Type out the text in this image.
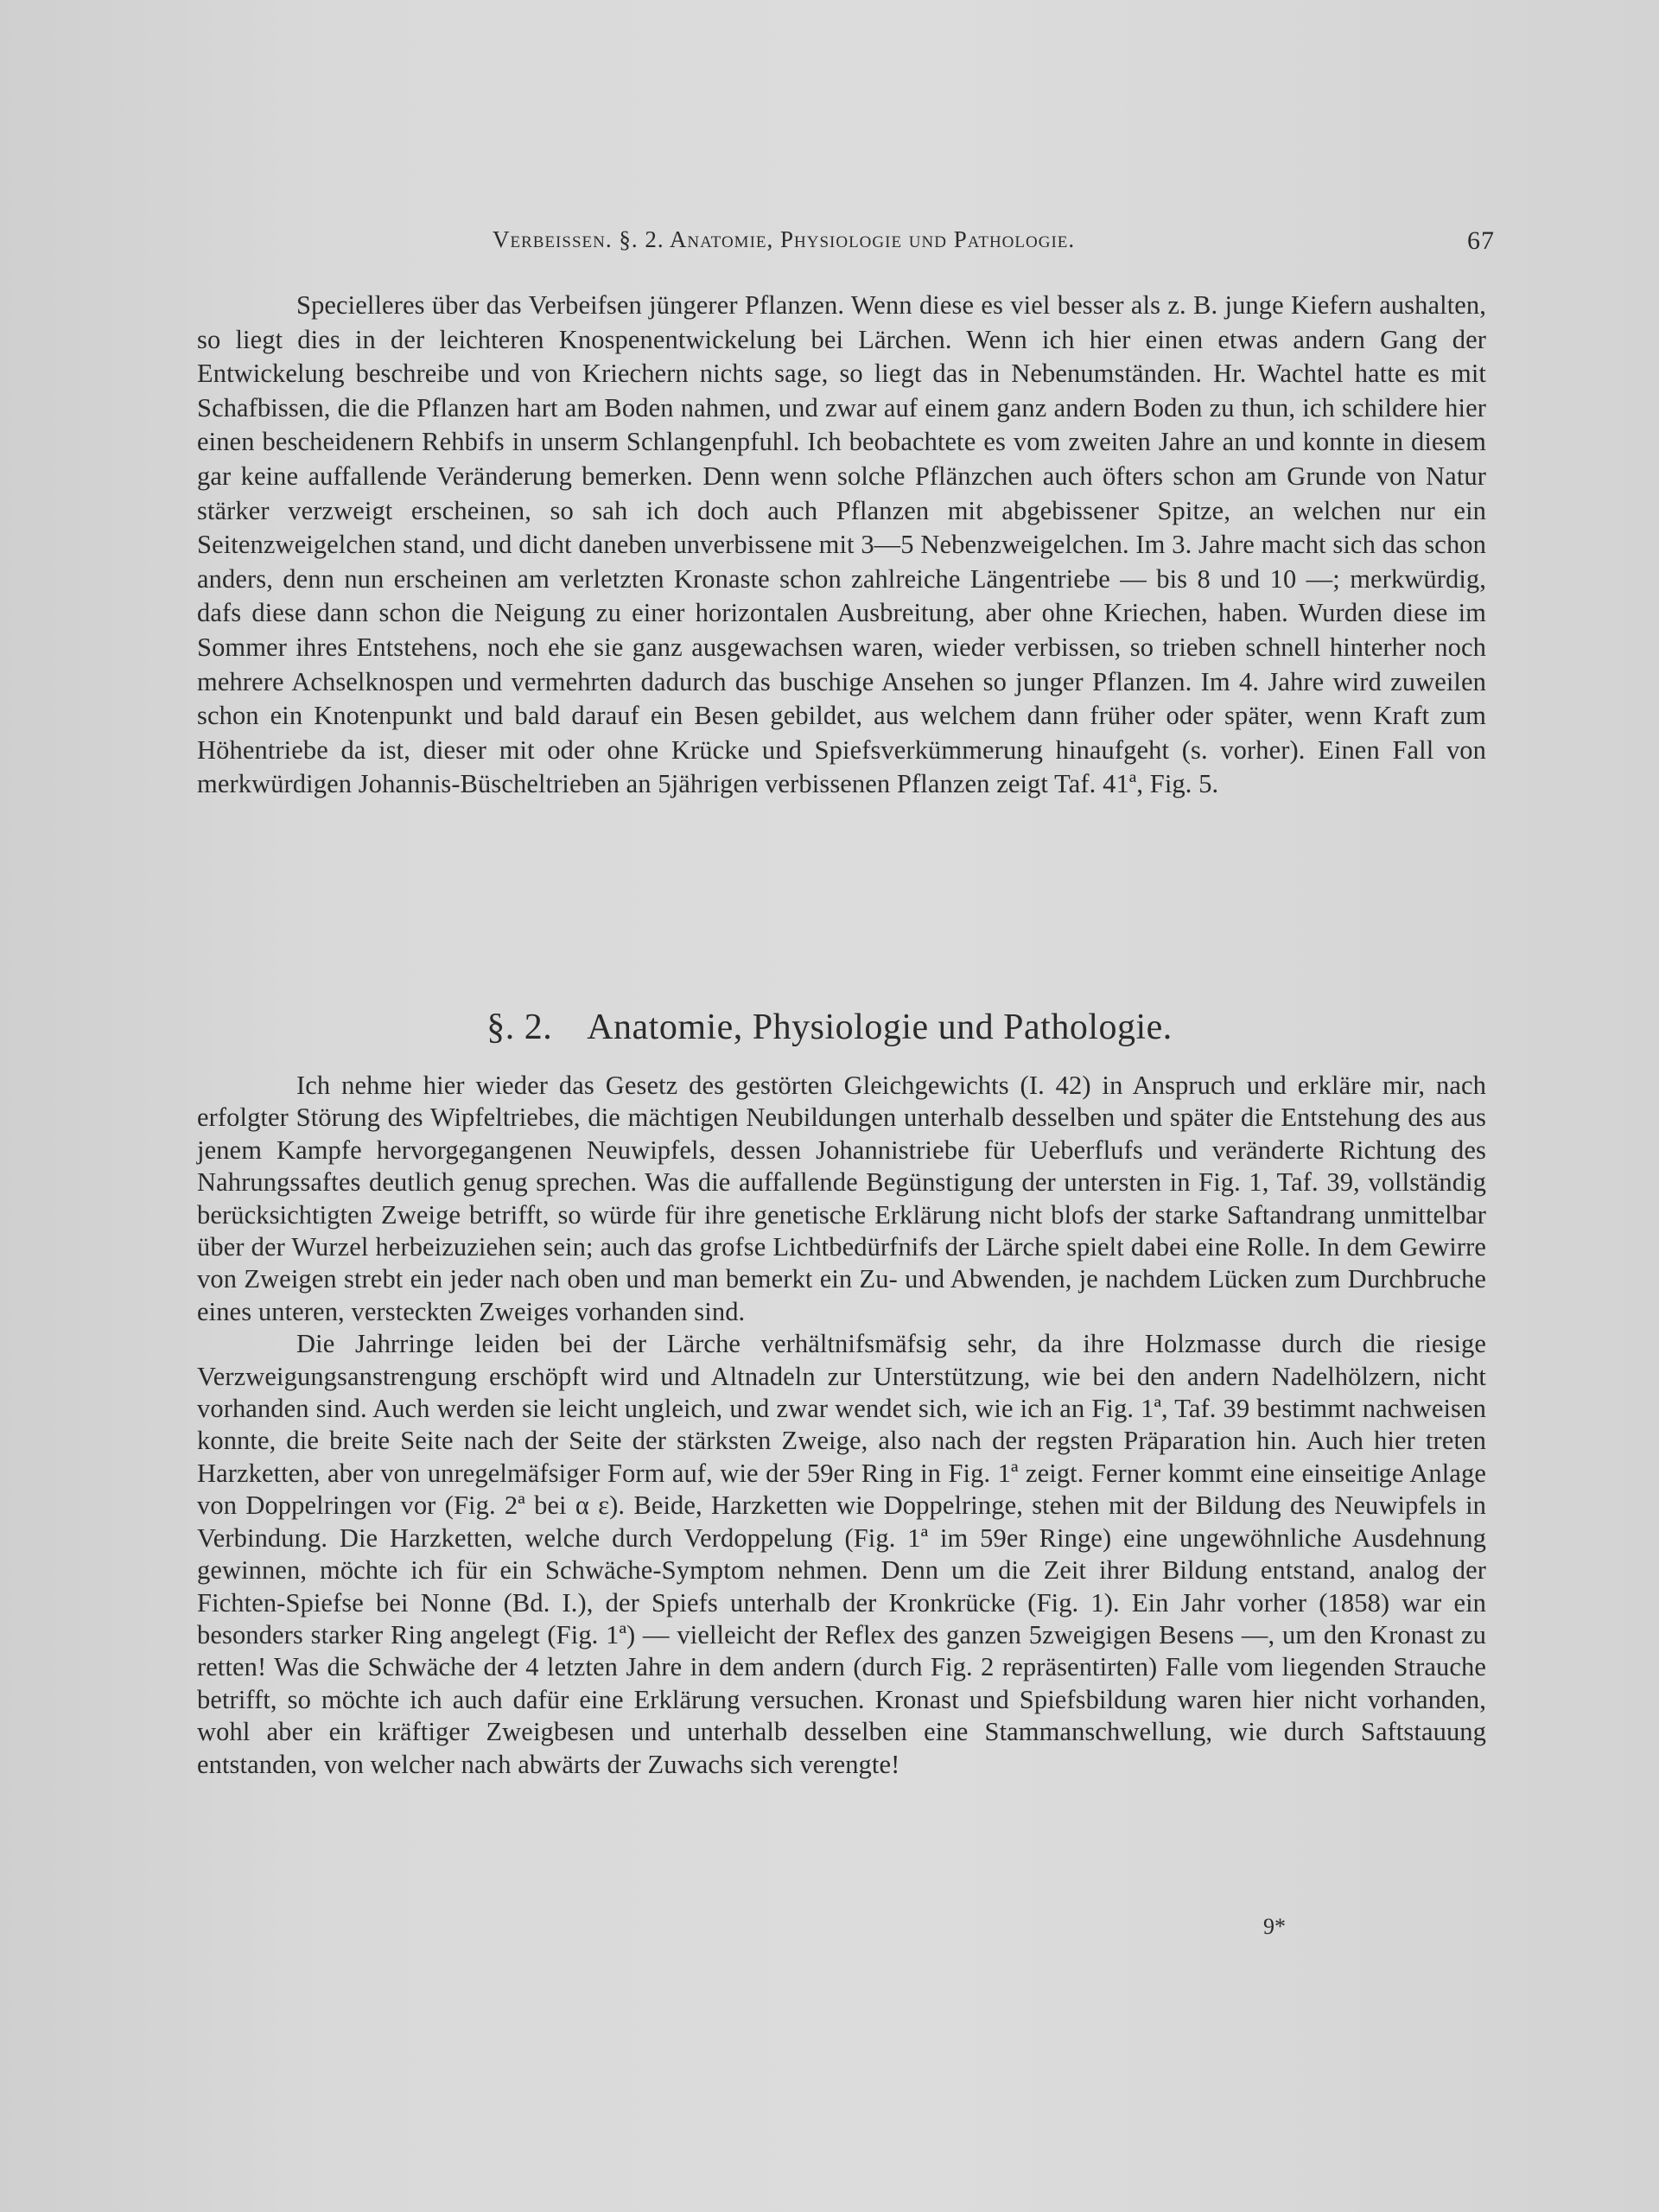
Verbeissen. §. 2. Anatomie, Physiologie und Pathologie.	67

Specielleres über das Verbeifsen jüngerer Pflanzen. Wenn diese es viel besser als z. B. junge Kiefern aushalten, so liegt dies in der leichteren Knospenentwickelung bei Lärchen. Wenn ich hier einen etwas andern Gang der Entwickelung beschreibe und von Kriechern nichts sage, so liegt das in Nebenumständen. Hr. Wachtel hatte es mit Schafbissen, die die Pflanzen hart am Boden nahmen, und zwar auf einem ganz andern Boden zu thun, ich schildere hier einen bescheidenern Rehbifs in unserm Schlangenpfuhl. Ich beobachtete es vom zweiten Jahre an und konnte in diesem gar keine auffallende Veränderung bemerken. Denn wenn solche Pflänzchen auch öfters schon am Grunde von Natur stärker verzweigt erscheinen, so sah ich doch auch Pflanzen mit abgebissener Spitze, an welchen nur ein Seitenzweigelchen stand, und dicht daneben unverbissene mit 3—5 Nebenzweigelchen. Im 3. Jahre macht sich das schon anders, denn nun erscheinen am verletzten Kronaste schon zahlreiche Längentriebe — bis 8 und 10 —; merkwürdig, dafs diese dann schon die Neigung zu einer horizontalen Ausbreitung, aber ohne Kriechen, haben. Wurden diese im Sommer ihres Entstehens, noch ehe sie ganz ausgewachsen waren, wieder verbissen, so trieben schnell hinterher noch mehrere Achselknospen und vermehrten dadurch das buschige Ansehen so junger Pflanzen. Im 4. Jahre wird zuweilen schon ein Knotenpunkt und bald darauf ein Besen gebildet, aus welchem dann früher oder später, wenn Kraft zum Höhentriebe da ist, dieser mit oder ohne Krücke und Spiefsverkümmerung hinaufgeht (s. vorher). Einen Fall von merkwürdigen Johannis-Büscheltrieben an 5jährigen verbissenen Pflanzen zeigt Taf. 41ª, Fig. 5.

§. 2. Anatomie, Physiologie und Pathologie.

Ich nehme hier wieder das Gesetz des gestörten Gleichgewichts (I. 42) in Anspruch und erkläre mir, nach erfolgter Störung des Wipfeltriebes, die mächtigen Neubildungen unterhalb desselben und später die Entstehung des aus jenem Kampfe hervorgegangenen Neuwipfels, dessen Johannistriebe für Ueberflufs und veränderte Richtung des Nahrungssaftes deutlich genug sprechen. Was die auffallende Begünstigung der untersten in Fig. 1, Taf. 39, vollständig berücksichtigten Zweige betrifft, so würde für ihre genetische Erklärung nicht blofs der starke Saftandrang unmittelbar über der Wurzel herbeizuziehen sein; auch das grofse Lichtbedürfnifs der Lärche spielt dabei eine Rolle. In dem Gewirre von Zweigen strebt ein jeder nach oben und man bemerkt ein Zu- und Abwenden, je nachdem Lücken zum Durchbruche eines unteren, versteckten Zweiges vorhanden sind.

Die Jahrringe leiden bei der Lärche verhältnifsmäfsig sehr, da ihre Holzmasse durch die riesige Verzweigungsanstrengung erschöpft wird und Altnadeln zur Unterstützung, wie bei den andern Nadelhölzern, nicht vorhanden sind. Auch werden sie leicht ungleich, und zwar wendet sich, wie ich an Fig. 1ª, Taf. 39 bestimmt nachweisen konnte, die breite Seite nach der Seite der stärksten Zweige, also nach der regsten Präparation hin. Auch hier treten Harzketten, aber von unregelmäfsiger Form auf, wie der 59er Ring in Fig. 1ª zeigt. Ferner kommt eine einseitige Anlage von Doppelringen vor (Fig. 2ª bei α ε). Beide, Harzketten wie Doppelringe, stehen mit der Bildung des Neuwipfels in Verbindung. Die Harzketten, welche durch Verdoppelung (Fig. 1ª im 59er Ringe) eine ungewöhnliche Ausdehnung gewinnen, möchte ich für ein Schwäche-Symptom nehmen. Denn um die Zeit ihrer Bildung entstand, analog der Fichten-Spiefse bei Nonne (Bd. I.), der Spiefs unterhalb der Kronkrücke (Fig. 1). Ein Jahr vorher (1858) war ein besonders starker Ring angelegt (Fig. 1ª) — vielleicht der Reflex des ganzen 5zweigigen Besens —, um den Kronast zu retten! Was die Schwäche der 4 letzten Jahre in dem andern (durch Fig. 2 repräsentirten) Falle vom liegenden Strauche betrifft, so möchte ich auch dafür eine Erklärung versuchen. Kronast und Spiefsbildung waren hier nicht vorhanden, wohl aber ein kräftiger Zweigbesen und unterhalb desselben eine Stammanschwellung, wie durch Saftstauung entstanden, von welcher nach abwärts der Zuwachs sich verengte!

9*
